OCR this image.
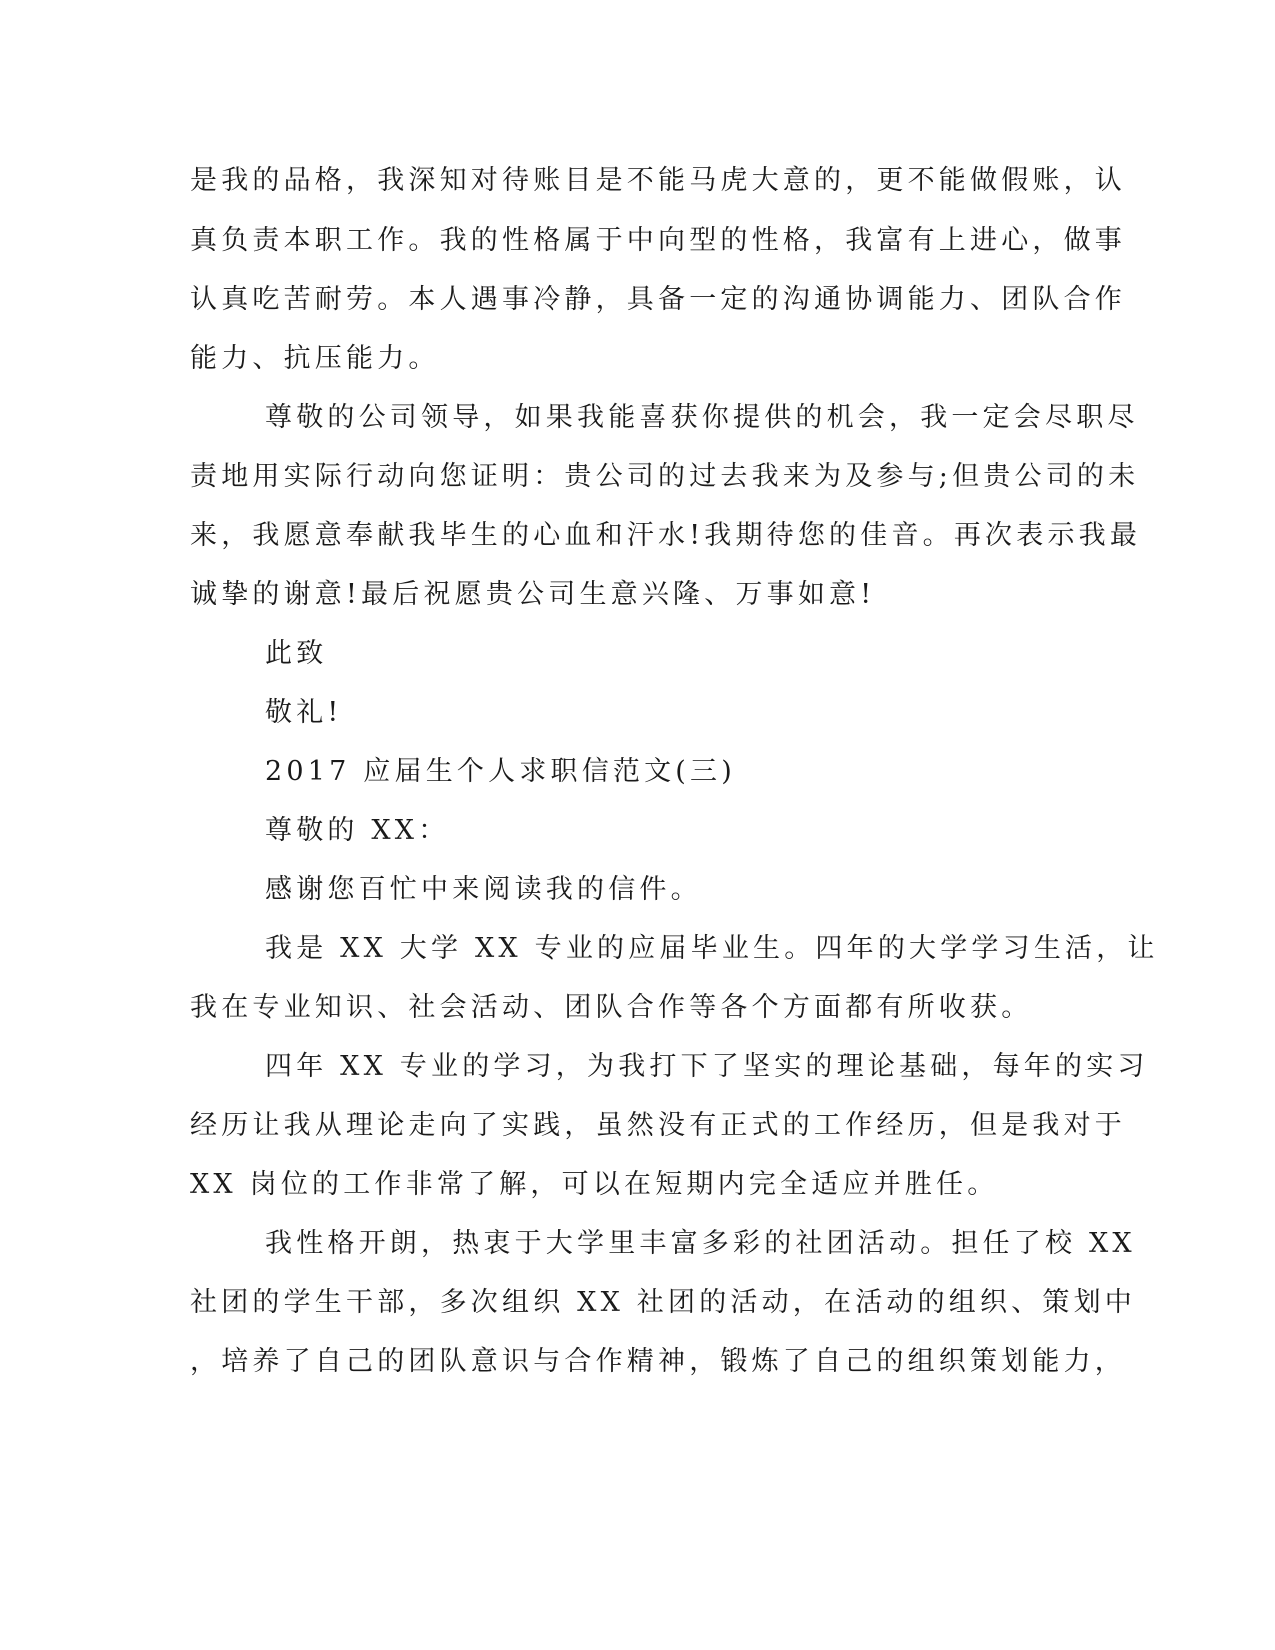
是我的品格，我深知对待账目是不能马虎大意的，更不能做假账，认
真负责本职工作。我的性格属于中向型的性格，我富有上进心，做事
认真吃苦耐劳。本人遇事冷静，具备一定的沟通协调能力、团队合作
能力、抗压能力。
尊敬的公司领导，如果我能喜获你提供的机会，我一定会尽职尽
责地用实际行动向您证明：贵公司的过去我来为及参与;但贵公司的未
来，我愿意奉献我毕生的心血和汗水!我期待您的佳音。再次表示我最
诚挚的谢意!最后祝愿贵公司生意兴隆、万事如意!
此致
敬礼!
2017 应届生个人求职信范文(三)
尊敬的 XX：
感谢您百忙中来阅读我的信件。
我是 XX 大学 XX 专业的应届毕业生。四年的大学学习生活，让
我在专业知识、社会活动、团队合作等各个方面都有所收获。
四年 XX 专业的学习，为我打下了坚实的理论基础，每年的实习
经历让我从理论走向了实践，虽然没有正式的工作经历，但是我对于
XX 岗位的工作非常了解，可以在短期内完全适应并胜任。
我性格开朗，热衷于大学里丰富多彩的社团活动。担任了校 XX
社团的学生干部，多次组织 XX 社团的活动，在活动的组织、策划中
，培养了自己的团队意识与合作精神，锻炼了自己的组织策划能力，
